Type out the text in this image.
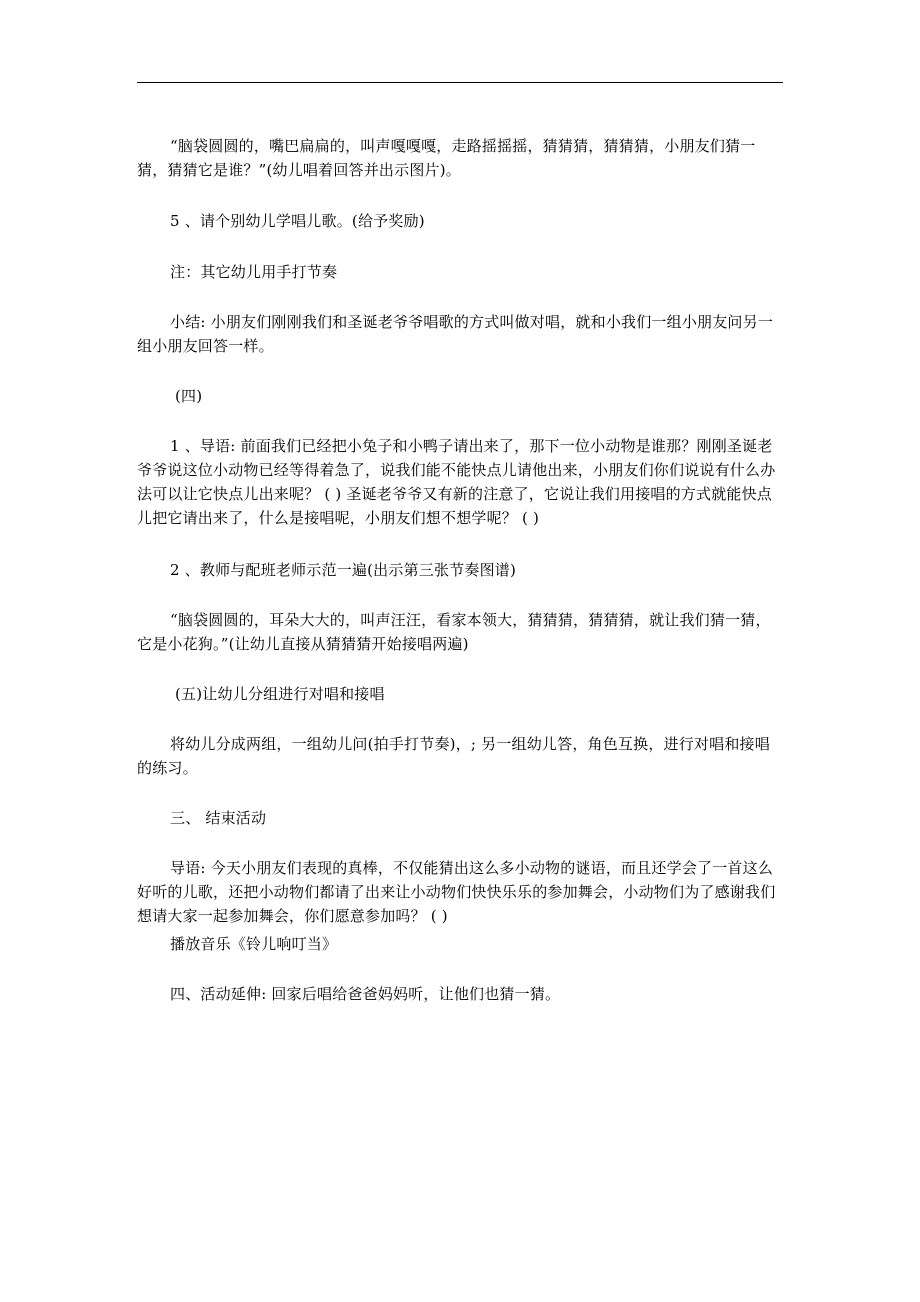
“脑袋圆圆的，嘴巴扁扁的，叫声嘎嘎嘎，走路摇摇摇，猜猜猜，猜猜猜，小朋友们猜一猜，猜猜它是谁？”(幼儿唱着回答并出示图片)。

5 、请个别幼儿学唱儿歌。(给予奖励)

注：其它幼儿用手打节奏

小结: 小朋友们刚刚我们和圣诞老爷爷唱歌的方式叫做对唱，就和小我们一组小朋友问另一组小朋友回答一样。

(四)

1 、导语: 前面我们已经把小兔子和小鸭子请出来了，那下一位小动物是谁那？刚刚圣诞老爷爷说这位小动物已经等得着急了，说我们能不能快点儿请他出来，小朋友们你们说说有什么办法可以让它快点儿出来呢？ ( ) 圣诞老爷爷又有新的注意了，它说让我们用接唱的方式就能快点儿把它请出来了，什么是接唱呢，小朋友们想不想学呢？ ( )

2 、教师与配班老师示范一遍(出示第三张节奏图谱)

“脑袋圆圆的，耳朵大大的，叫声汪汪，看家本领大，猜猜猜，猜猜猜，就让我们猜一猜，它是小花狗。”(让幼儿直接从猜猜猜开始接唱两遍)

(五)让幼儿分组进行对唱和接唱

将幼儿分成两组，一组幼儿问(拍手打节奏)，; 另一组幼儿答，角色互换，进行对唱和接唱的练习。

三、 结束活动

导语: 今天小朋友们表现的真棒，不仅能猜出这么多小动物的谜语，而且还学会了一首这么好听的儿歌，还把小动物们都请了出来让小动物们快快乐乐的参加舞会，小动物们为了感谢我们想请大家一起参加舞会，你们愿意参加吗？ ( )

播放音乐《铃儿响叮当》

四、活动延伸: 回家后唱给爸爸妈妈听，让他们也猜一猜。
